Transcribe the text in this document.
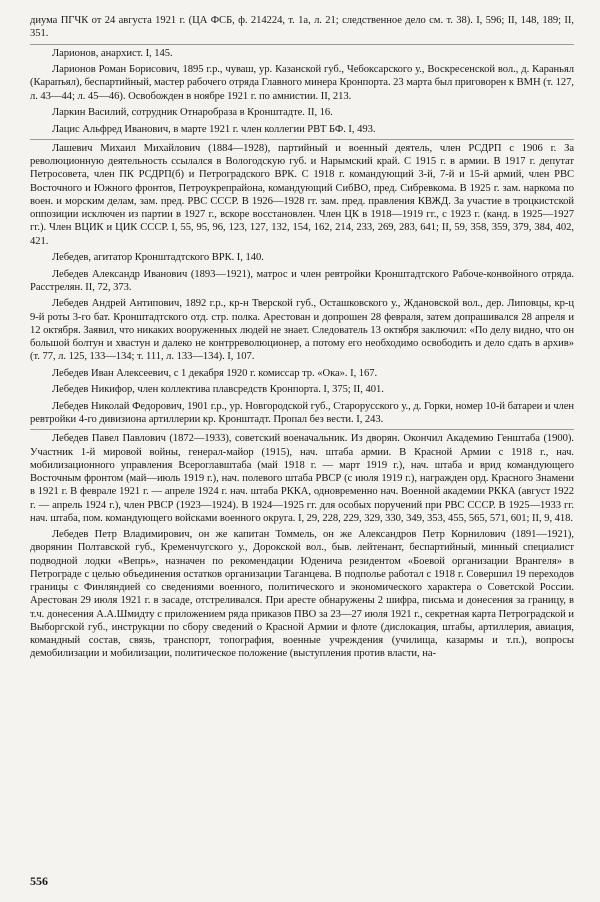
диума ПГЧК от 24 августа 1921 г. (ЦА ФСБ, ф. 214224, т. 1а, л. 21; следственное дело см. т. 38). I, 596; II, 148, 189; II, 351.

Ларионов, анархист. I, 145.

Ларионов Роман Борисович, 1895 г.р., чуваш, ур. Казанской губ., Чебоксарского у., Воскресенской вол., д. Караньял (Карапъял), беспартийный, мастер рабочего отряда Главного минера Кронпорта. 23 марта был приговорен к ВМН (т. 127, л. 43—44; л. 45—46). Освобожден в ноябре 1921 г. по амнистии. II, 213.

Ларкин Василий, сотрудник Отнаробраза в Кронштадте. II, 16.

Лацис Альфред Иванович, в марте 1921 г. член коллегии РВТ БФ. I, 493.

Лашевич Михаил Михайлович (1884—1928), партийный и военный деятель, член РСДРП с 1906 г. За революционную деятельность ссылался в Вологодскую губ. и Нарымский край. С 1915 г. в армии. В 1917 г. депутат Петросовета, член ПК РСДРП(б) и Петроградского ВРК. С 1918 г. командующий 3-й, 7-й и 15-й армий, член РВС Восточного и Южного фронтов, Петроукрепрайона, командующий СибВО, пред. Сибревкома. В 1925 г. зам. наркома по воен. и морским делам, зам. пред. РВС СССР. В 1926—1928 гг. зам. пред. правления КВЖД. За участие в троцкистской оппозиции исключен из партии в 1927 г., вскоре восстановлен. Член ЦК в 1918—1919 гг., с 1923 г. (канд. в 1925—1927 гг.). Член ВЦИК и ЦИК СССР. I, 55, 95, 96, 123, 127, 132, 154, 162, 214, 233, 269, 283, 641; II, 59, 358, 359, 379, 384, 402, 421.

Лебедев, агитатор Кронштадтского ВРК. I, 140.

Лебедев Александр Иванович (1893—1921), матрос и член ревтройки Кронштадтского Рабоче-конвойного отряда. Расстрелян. II, 72, 373.

Лебедев Андрей Антипович, 1892 г.р., кр-н Тверской губ., Осташковского у., Ждановской вол., дер. Липовцы, кр-ц 9-й роты 3-го бат. Кронштадтского отд. стр. полка. Арестован и допрошен 28 февраля, затем допрашивался 28 апреля и 12 октября. Заявил, что никаких вооруженных людей не знает. Следователь 13 октября заключил: «По делу видно, что он большой болтун и хвастун и далеко не контрреволюционер, а потому его необходимо освободить и дело сдать в архив» (т. 77, л. 125, 133—134; т. 111, л. 133—134). I, 107.

Лебедев Иван Алексеевич, с 1 декабря 1920 г. комиссар тр. «Ока». I, 167.

Лебедев Никифор, член коллектива плавсредств Кронпорта. I, 375; II, 401.

Лебедев Николай Федорович, 1901 г.р., ур. Новгородской губ., Старорусского у., д. Горки, номер 10-й батареи и член ревтройки 4-го дивизиона артиллерии кр. Кронштадт. Пропал без вести. I, 243.

Лебедев Павел Павлович (1872—1933), советский военачальник. Из дворян. Окончил Академию Генштаба (1900). Участник 1-й мировой войны, генерал-майор (1915), нач. штаба армии. В Красной Армии с 1918 г., нач. мобилизационного управления Всероглавштаба (май 1918 г. — март 1919 г.), нач. штаба и врид командующего Восточным фронтом (май—июль 1919 г.), нач. полевого штаба РВСР (с июля 1919 г.), награжден орд. Красного Знамени в 1921 г. В феврале 1921 г. — апреле 1924 г. нач. штаба РККА, одновременно нач. Военной академии РККА (август 1922 г. — апрель 1924 г.), член РВСР (1923—1924). В 1924—1925 гг. для особых поручений при РВС СССР. В 1925—1933 гг. нач. штаба, пом. командующего войсками военного округа. I, 29, 228, 229, 329, 330, 349, 353, 455, 565, 571, 601; II, 9, 418.

Лебедев Петр Владимирович, он же капитан Томмель, он же Александров Петр Корнилович (1891—1921), дворянин Полтавской губ., Кременчугского у., Дорокской вол., быв. лейтенант, беспартийный, минный специалист подводной лодки «Вепрь», назначен по рекомендации Юденича резидентом «Боевой организации Врангеля» в Петрограде с целью объединения остатков организации Таганцева. В подполье работал с 1918 г. Совершил 19 переходов границы с Финляндией со сведениями военного, политического и экономического характера о Советской России. Арестован 29 июля 1921 г. в засаде, отстреливался. При аресте обнаружены 2 шифра, письма и донесения за границу, в т.ч. донесения А.А.Шмидту с приложением ряда приказов ПВО за 23—27 июля 1921 г., секретная карта Петроградской и Выборгской губ., инструкции по сбору сведений о Красной Армии и флоте (дислокация, штабы, артиллерия, авиация, командный состав, связь, транспорт, топография, военные учреждения (училища, казармы и т.п.), вопросы демобилизации и мобилизации, политическое положение (выступления против власти, на-

556
